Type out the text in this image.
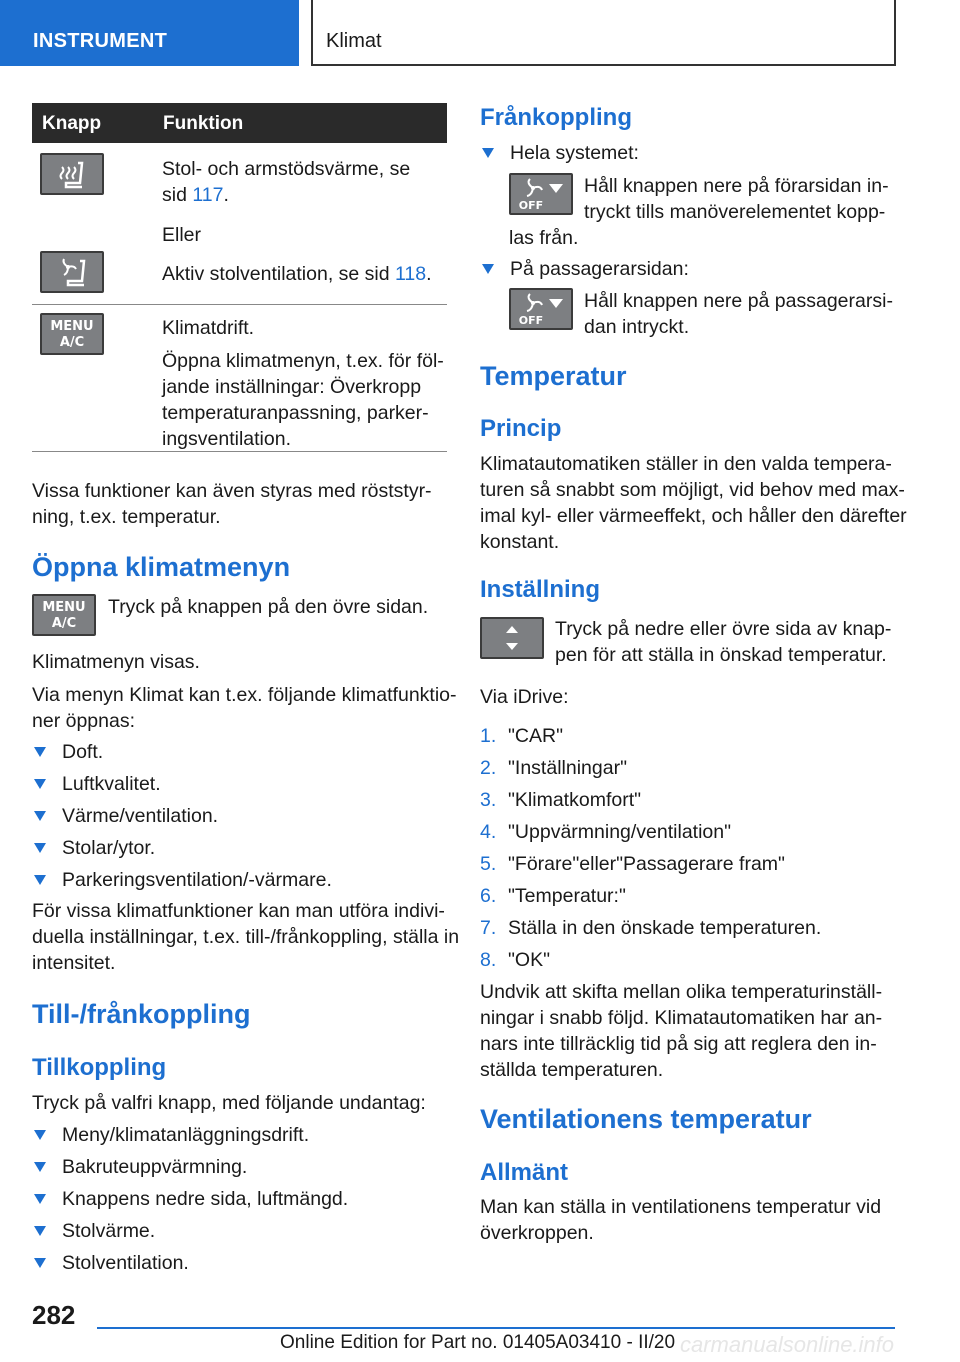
INSTRUMENT	Klimat
Knapp	Funktion
Stol- och armstödsvärme, se
sid 117.
Eller
Aktiv stolventilation, se sid 118.
MENU
A/C
Klimatdrift.
Öppna klimatmenyn, t.ex. för föl-
jande inställningar: Överkropp
temperaturanpassning, parker-
ingsventilation.
Vissa funktioner kan även styras med röststyr-
ning, t.ex. temperatur.
Öppna klimatmenyn
MENU
A/C
Tryck på knappen på den övre sidan.
Klimatmenyn visas.
Via menyn Klimat kan t.ex. följande klimatfunktio-
ner öppnas:
Doft.
Luftkvalitet.
Värme/ventilation.
Stolar/ytor.
Parkeringsventilation/-värmare.
För vissa klimatfunktioner kan man utföra indivi-
duella inställningar, t.ex. till-/frånkoppling, ställa in
intensitet.
Till-/frånkoppling
Tillkoppling
Tryck på valfri knapp, med följande undantag:
Meny/klimatanläggningsdrift.
Bakruteuppvärmning.
Knappens nedre sida, luftmängd.
Stolvärme.
Stolventilation.
Frånkoppling
Hela systemet:
OFF
Håll knappen nere på förarsidan in-
tryckt tills manöverelementet kopp-
las från.
På passagerarsidan:
OFF
Håll knappen nere på passagerarsi-
dan intryckt.
Temperatur
Princip
Klimatautomatiken ställer in den valda tempera-
turen så snabbt som möjligt, vid behov med max-
imal kyl- eller värmeeffekt, och håller den därefter
konstant.
Inställning
Tryck på nedre eller övre sida av knap-
pen för att ställa in önskad temperatur.
Via iDrive:
1. "CAR"
2. "Inställningar"
3. "Klimatkomfort"
4. "Uppvärmning/ventilation"
5. "Förare"eller"Passagerare fram"
6. "Temperatur:"
7. Ställa in den önskade temperaturen.
8. "OK"
Undvik att skifta mellan olika temperaturinställ-
ningar i snabb följd. Klimatautomatiken har an-
nars inte tillräcklig tid på sig att reglera den in-
ställda temperaturen.
Ventilationens temperatur
Allmänt
Man kan ställa in ventilationens temperatur vid
överkroppen.
282
carmanualsonline.info
Online Edition for Part no. 01405A03410 - II/20
